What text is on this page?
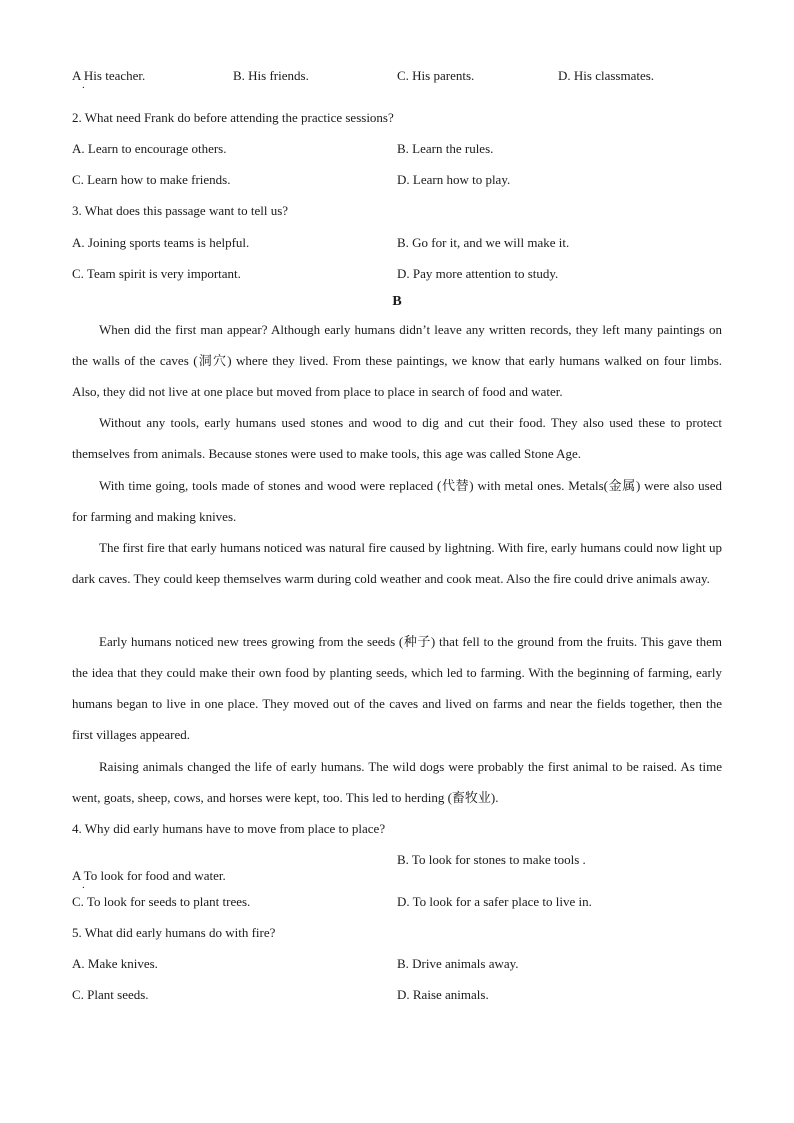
A His teacher. .	B. His friends.	C. His parents.	D. His classmates.
2. What need Frank do before attending the practice sessions?
A. Learn to encourage others.	B. Learn the rules.
C. Learn how to make friends.	D. Learn how to play.
3. What does this passage want to tell us?
A. Joining sports teams is helpful.	B. Go for it, and we will make it.
C. Team spirit is very important.	D. Pay more attention to study.
B
When did the first man appear? Although early humans didn’t leave any written records, they left many paintings on the walls of the caves (洞穴) where they lived. From these paintings, we know that early humans walked on four limbs. Also, they did not live at one place but moved from place to place in search of food and water.
Without any tools, early humans used stones and wood to dig and cut their food. They also used these to protect themselves from animals. Because stones were used to make tools, this age was called Stone Age.
With time going, tools made of stones and wood were replaced (代替) with metal ones. Metals(金属) were also used for farming and making knives.
The first fire that early humans noticed was natural fire caused by lightning. With fire, early humans could now light up dark caves. They could keep themselves warm during cold weather and cook meat. Also the fire could drive animals away.
Early humans noticed new trees growing from the seeds (种子) that fell to the ground from the fruits. This gave them the idea that they could make their own food by planting seeds, which led to farming. With the beginning of farming, early humans began to live in one place. They moved out of the caves and lived on farms and near the fields together, then the first villages appeared.
Raising animals changed the life of early humans. The wild dogs were probably the first animal to be raised. As time went, goats, sheep, cows, and horses were kept, too. This led to herding (畜牧业).
4. Why did early humans have to move from place to place?
A To look for food and water. .
B. To look for stones to make tools .
C. To look for seeds to plant trees.	D. To look for a safer place to live in.
5. What did early humans do with fire?
A. Make knives.	B. Drive animals away.
C. Plant seeds.	D. Raise animals.
